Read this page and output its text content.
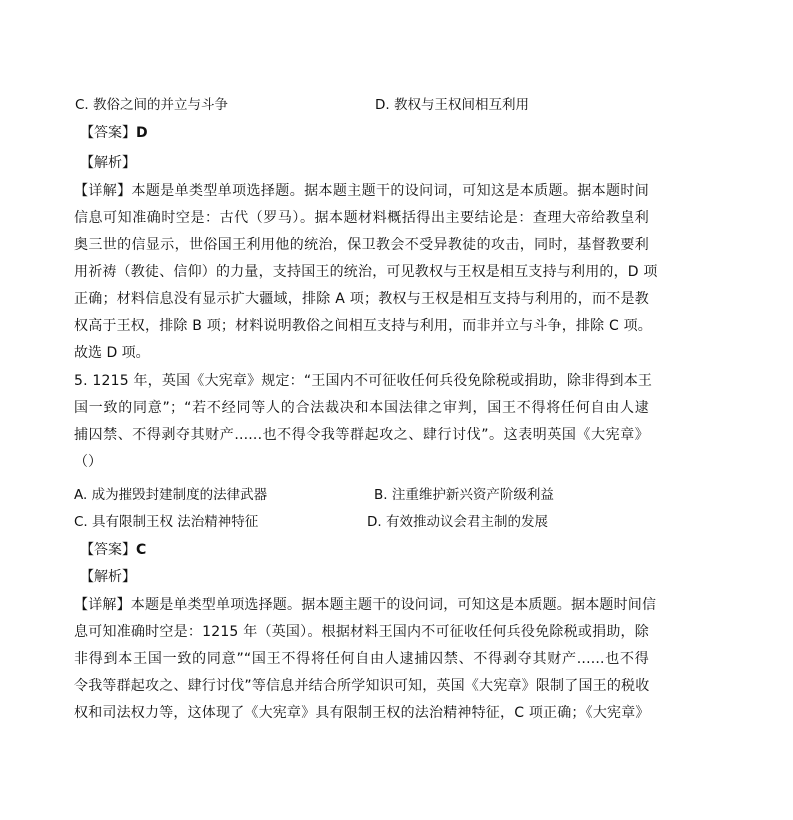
C. 教俗之间的并立与斗争	D. 教权与王权间相互利用
【答案】D
【解析】
【详解】本题是单类型单项选择题。据本题主题干的设问词，可知这是本质题。据本题时间
信息可知准确时空是：古代（罗马）。据本题材料概括得出主要结论是：查理大帝给教皇利
奥三世的信显示，世俗国王利用他的统治，保卫教会不受异教徒的攻击，同时，基督教要利
用祈祷（教徒、信仰）的力量，支持国王的统治，可见教权与王权是相互支持与利用的，D 项
正确；材料信息没有显示扩大疆域，排除 A 项；教权与王权是相互支持与利用的，而不是教
权高于王权，排除 B 项；材料说明教俗之间相互支持与利用，而非并立与斗争，排除 C 项。
故选 D 项。
5. 1215 年，英国《大宪章》规定：“王国内不可征收任何兵役免除税或捐助，除非得到本王
国一致的同意”；“若不经同等人的合法裁决和本国法律之审判，国王不得将任何自由人逮
捕囚禁、不得剥夺其财产......也不得令我等群起攻之、肆行讨伐”。这表明英国《大宪章》
（）
A. 成为摧毁封建制度的法律武器	B. 注重维护新兴资产阶级利益
C. 具有限制王权 法治精神特征	D. 有效推动议会君主制的发展
【答案】C
【解析】
【详解】本题是单类型单项选择题。据本题主题干的设问词，可知这是本质题。据本题时间信
息可知准确时空是：1215 年（英国）。根据材料王国内不可征收任何兵役免除税或捐助，除
非得到本王国一致的同意”“国王不得将任何自由人逮捕囚禁、不得剥夺其财产......也不得
令我等群起攻之、肆行讨伐”等信息并结合所学知识可知，英国《大宪章》限制了国王的税收
权和司法权力等，这体现了《大宪章》具有限制王权的法治精神特征，C 项正确；《大宪章》
